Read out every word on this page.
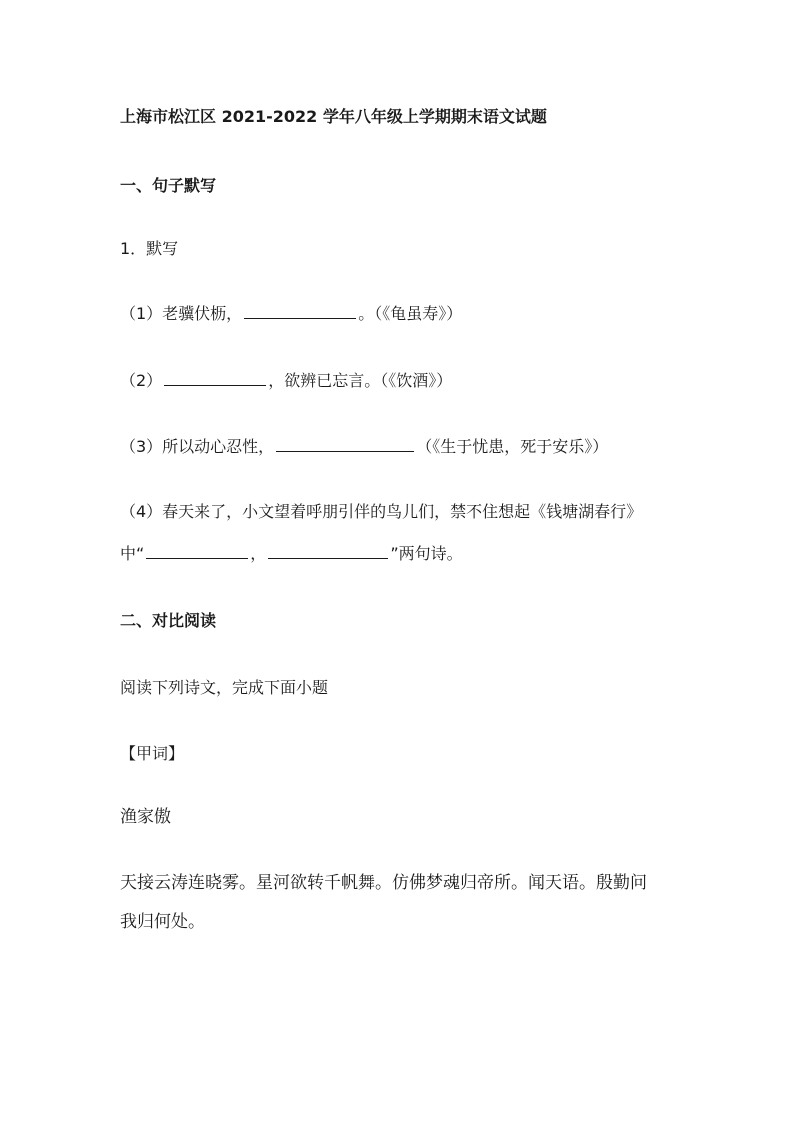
上海市松江区 2021-2022 学年八年级上学期期末语文试题
一、句子默写
1．默写
（1）老骥伏枥，	。（《龟虽寿》）
（2）	，欲辨已忘言。（《饮酒》）
（3）所以动心忍性，	（《生于忧患，死于安乐》）
（4）春天来了，小文望着呼朋引伴的鸟儿们，禁不住想起《钱塘湖春行》
中“	，	”两句诗。
二、对比阅读
阅读下列诗文，完成下面小题
【甲词】
渔家傲
天接云涛连晓雾。星河欲转千帆舞。仿佛梦魂归帝所。闻天语。殷勤问
我归何处。
